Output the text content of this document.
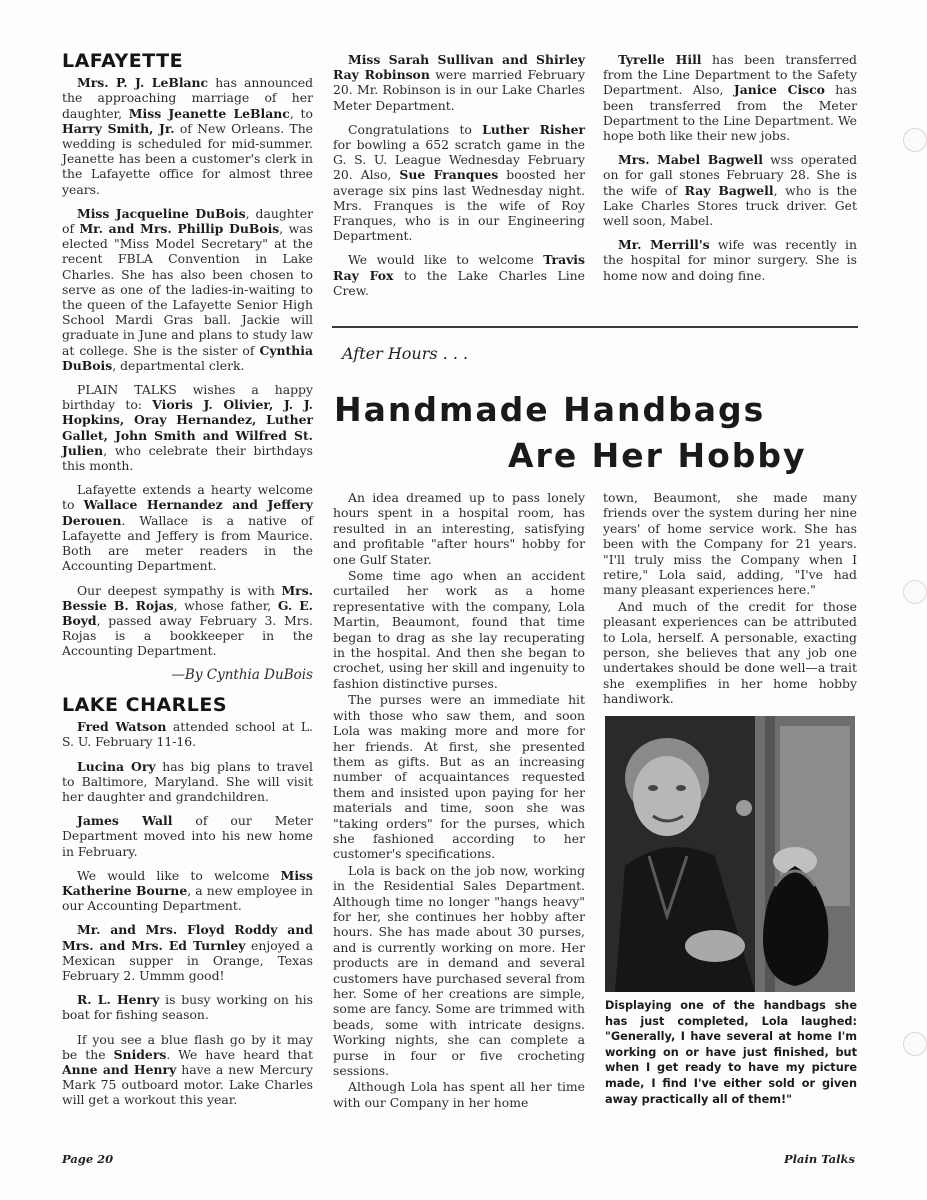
LAFAYETTE

Mrs. P. J. LeBlanc has announced the approaching marriage of her daughter, Miss Jeanette LeBlanc, to Harry Smith, Jr. of New Orleans. The wedding is scheduled for mid-summer. Jeanette has been a customer's clerk in the Lafayette office for almost three years.

Miss Jacqueline DuBois, daughter of Mr. and Mrs. Phillip DuBois, was elected "Miss Model Secretary" at the recent FBLA Convention in Lake Charles. She has also been chosen to serve as one of the ladies-in-waiting to the queen of the Lafayette Senior High School Mardi Gras ball. Jackie will graduate in June and plans to study law at college. She is the sister of Cynthia DuBois, departmental clerk.

PLAIN TALKS wishes a happy birthday to: Vioris J. Olivier, J. J. Hopkins, Oray Hernandez, Luther Gallet, John Smith and Wilfred St. Julien, who celebrate their birthdays this month.

Lafayette extends a hearty welcome to Wallace Hernandez and Jeffery Derouen. Wallace is a native of Lafayette and Jeffery is from Maurice. Both are meter readers in the Accounting Department.

Our deepest sympathy is with Mrs. Bessie B. Rojas, whose father, G. E. Boyd, passed away February 3. Mrs. Rojas is a bookkeeper in the Accounting Department.

—By Cynthia DuBois
LAKE CHARLES

Fred Watson attended school at L. S. U. February 11-16.

Lucina Ory has big plans to travel to Baltimore, Maryland. She will visit her daughter and grandchildren.

James Wall of our Meter Department moved into his new home in February.

We would like to welcome Miss Katherine Bourne, a new employee in our Accounting Department.

Mr. and Mrs. Floyd Roddy and Mrs. and Mrs. Ed Turnley enjoyed a Mexican supper in Orange, Texas February 2. Ummm good!

R. L. Henry is busy working on his boat for fishing season.

If you see a blue flash go by it may be the Sniders. We have heard that Anne and Henry have a new Mercury Mark 75 outboard motor. Lake Charles will get a workout this year.

Miss Sarah Sullivan and Shirley Ray Robinson were married February 20. Mr. Robinson is in our Lake Charles Meter Department.

Congratulations to Luther Risher for bowling a 652 scratch game in the G. S. U. League Wednesday February 20. Also, Sue Franques boosted her average six pins last Wednesday night. Mrs. Franques is the wife of Roy Franques, who is in our Engineering Department.

We would like to welcome Travis Ray Fox to the Lake Charles Line Crew.

Tyrelle Hill has been transferred from the Line Department to the Safety Department. Also, Janice Cisco has been transferred from the Meter Department to the Line Department. We hope both like their new jobs.

Mrs. Mabel Bagwell wss operated on for gall stones February 28. She is the wife of Ray Bagwell, who is the Lake Charles Stores truck driver. Get well soon, Mabel.

Mr. Merrill's wife was recently in the hospital for minor surgery. She is home now and doing fine.

After Hours . . .
Handmade Handbags
Are Her Hobby

An idea dreamed up to pass lonely hours spent in a hospital room, has resulted in an interesting, satisfying and profitable "after hours" hobby for one Gulf Stater.

Some time ago when an accident curtailed her work as a home representative with the company, Lola Martin, Beaumont, found that time began to drag as she lay recuperating in the hospital. And then she began to crochet, using her skill and ingenuity to fashion distinctive purses.

The purses were an immediate hit with those who saw them, and soon Lola was making more and more for her friends. At first, she presented them as gifts. But as an increasing number of acquaintances requested them and insisted upon paying for her materials and time, soon she was "taking orders" for the purses, which she fashioned according to her customer's specifications.

Lola is back on the job now, working in the Residential Sales Department. Although time no longer "hangs heavy" for her, she continues her hobby after hours. She has made about 30 purses, and is currently working on more. Her products are in demand and several customers have purchased several from her. Some of her creations are simple, some are fancy. Some are trimmed with beads, some with intricate designs. Working nights, she can complete a purse in four or five crocheting sessions.

Although Lola has spent all her time with our Company in her home

town, Beaumont, she made many friends over the system during her nine years' of home service work. She has been with the Company for 21 years. "I'll truly miss the Company when I retire," Lola said, adding, "I've had many pleasant experiences here."

And much of the credit for those pleasant experiences can be attributed to Lola, herself. A personable, exacting person, she believes that any job one undertakes should be done well—a trait she exemplifies in her home hobby handiwork.

Displaying one of the handbags she has just completed, Lola laughed: "Generally, I have several at home I'm working on or have just finished, but when I get ready to have my picture made, I find I've either sold or given away practically all of them!"
Page 20	Plain Talks
